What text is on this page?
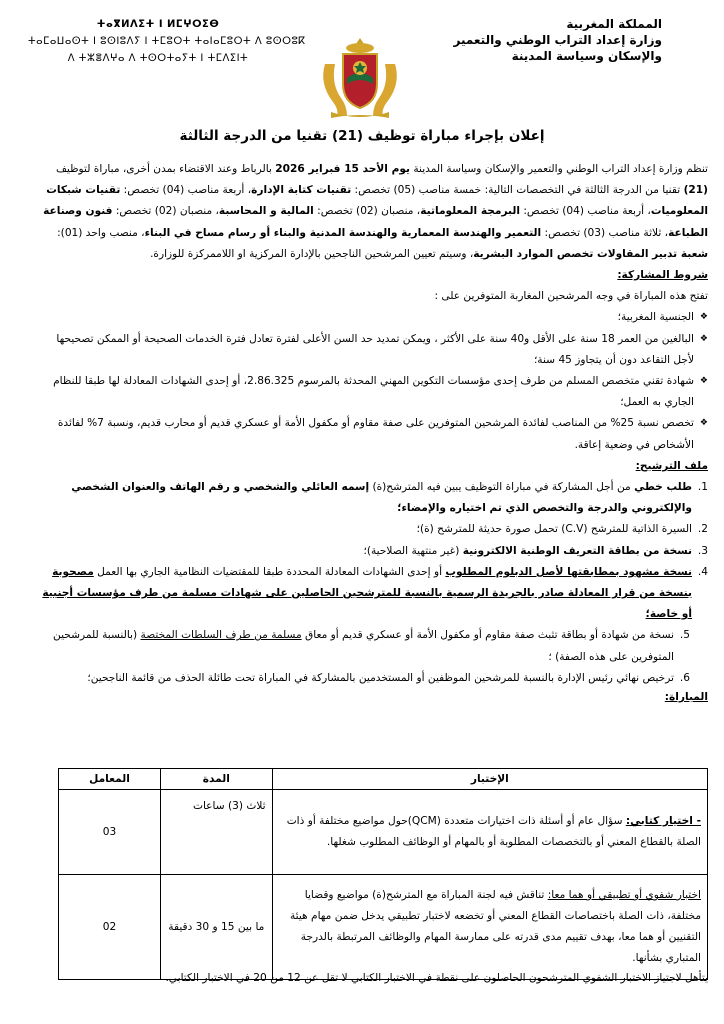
المملكة المغربية
وزارة إعداد التراب الوطني والتعمير
والإسكان وسياسة المدينة
ⵜⴰⴳⵍⴷⵉⵜ ⵏ ⵍⵎⵖⵔⵉⴱ
ⵜⴰⵎⴰⵡⴰⵙⵜ ⵏ ⵓⵙⵏⵓⴷⵢ ⵏ ⵜⵎⵓⵔⵜ ⵜⴰⵏⴰⵎⵓⵔⵜ ⴷ ⵓⵙⵔⵓⴽ
ⴷ ⵜⵣⴻⴷⵖⴰ ⴷ ⵜⵙⵔⵜⴰⵢⵜ ⵏ ⵜⵎⴷⵉⵏⵜ
إعلان بإجراء مباراة توظيف (21) تقنيا من الدرجة الثالثة

تنظم وزارة إعداد التراب الوطني والتعمير والإسكان وسياسة المدينة يوم الأحد 15 فبراير 2026 بالرباط وعند الاقتضاء بمدن أخرى، مباراة لتوظيف (21) تقنيا من الدرجة الثالثة في التخصصات التالية: خمسة مناصب (05) تخصص: تقنيات كتابة الإدارة، أربعة مناصب (04) تخصص: تقنيات شبكات المعلوميات، أربعة مناصب (04) تخصص: البرمجة المعلوماتية، منصبان (02) تخصص: المالية و المحاسبة، منصبان (02) تخصص: فنون وصناعة الطباعة، ثلاثة مناصب (03) تخصص: التعمير والهندسة المعمارية والهندسة المدنية والبناء أو رسام مساح في البناء، منصب واحد (01): شعبة تدبير المقاولات تخصص الموارد البشرية، وسيتم تعيين المرشحين الناجحين بالإدارة المركزية او اللاممركزة للوزارة.

شروط المشاركة:

تفتح هذه المباراة في وجه المرشحين المغاربة المتوفرين على :

❖ الجنسية المغربية؛
❖ البالغين من العمر 18 سنة على الأقل و40 سنة على الأكثر ، ويمكن تمديد حد السن الأعلى لفترة تعادل فترة الخدمات الصحيحة أو الممكن تصحيحها لأجل التقاعد دون أن يتجاوز 45 سنة؛
❖ شهادة تقني متخصص المسلم من طرف إحدى مؤسسات التكوين المهني المحدثة بالمرسوم 2.86.325، أو إحدى الشهادات المعادلة لها طبقا للنظام الجاري به العمل؛
❖ تخصص نسبة 25% من المناصب لفائدة المرشحين المتوفرين على صفة مقاوم أو مكفول الأمة أو عسكري قديم أو محارب قديم، ونسبة 7% لفائدة الأشخاص في وضعية إعاقة.

ملف الترشيح:

1.
طلب خطي من أجل المشاركة في مباراة التوظيف يبين فيه المترشح(ة) إسمه العائلي والشخصي و رقم الهاتف والعنوان الشخصي والإلكتروني والدرجة والتخصص الذي تم اختياره والإمضاء؛
2.
السيرة الذاتية للمترشح (C.V) تحمل صورة حديثة للمترشح (ة)؛
3.
نسخة من بطاقة التعريف الوطنية الالكترونية (غير منتهية الصلاحية)؛
4.
نسخة مشهود بمطابقتها لأصل الدبلوم المطلوب أو إحدى الشهادات المعادلة المحددة طبقا للمقتضيات النظامية الجاري بها العمل مصحوبة بنسخة من قرار المعادلة صادر بالجريدة الرسمية بالنسبة للمترشحين الحاصلين على شهادات مسلمة من طرف مؤسسات أجنبية أو خاصة؛
5.
نسخة من شهادة أو بطاقة تثبث صفة مقاوم أو مكفول الأمة أو عسكري قديم أو معاق مسلمة من طرف السلطات المختصة (بالنسبة للمرشحين المتوفرين على هذه الصفة) ؛
6.
ترخيص نهائي رئيس الإدارة بالنسبة للمرشحين الموظفين أو المستخدمين بالمشاركة في المباراة تحت طائلة الحذف من قائمة الناجحين؛

المباراة:

الإختبار	المدة	المعامل
- اختيار كتابي: سؤال عام أو أسئلة ذات اختيارات متعددة (QCM)حول مواضيع مختلفة أو ذات الصلة بالقطاع المعني أو بالتخصصات المطلوبة أو بالمهام أو الوظائف المطلوب شغلها.	ثلاث (3) ساعات	03
اختبار شفوي أو تطبيقي أو هما معا: تناقش فيه لجنة المباراة مع المترشح(ة) مواضيع وقضايا مختلفة، ذات الصلة باختصاصات القطاع المعني أو تخضعه لاختبار تطبيقي يدخل ضمن مهام هيئة التقنيين أو هما معا، بهدف تقييم مدى قدرته على ممارسة المهام والوظائف المرتبطة بالدرجة المتباري بشأنها.	ما بين 15 و 30 دقيقة	02
يتأهل لاجتياز الاختبار الشفوي المترشحون الحاصلون على نقطة في الاختبار الكتابي لا تقل عن 12 من 20 في الاختبار الكتابي.
